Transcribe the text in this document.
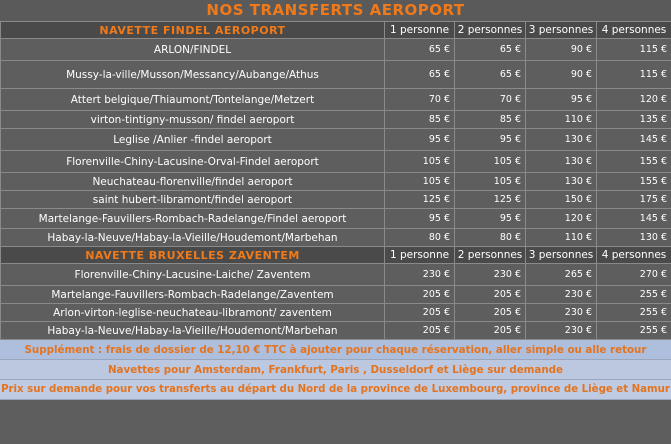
NOS TRANSFERTS AEROPORT
NAVETTE FINDEL AEROPORT	1 personne	2 personnes	3 personnes	4 personnes
ARLON/FINDEL	65 €	65 €	90 €	115 €
Mussy-la-ville/Musson/Messancy/Aubange/Athus	65 €	65 €	90 €	115 €
Attert belgique/Thiaumont/Tontelange/Metzert	70 €	70 €	95 €	120 €
virton-tintigny-musson/ findel aeroport	85 €	85 €	110 €	135 €
Leglise /Anlier -findel aeroport	95 €	95 €	130 €	145 €
Florenville-Chiny-Lacusine-Orval-Findel aeroport	105 €	105 €	130 €	155 €
Neuchateau-florenville/findel aeroport	105 €	105 €	130 €	155 €
saint hubert-libramont/findel aeroport	125 €	125 €	150 €	175 €
Martelange-Fauvillers-Rombach-Radelange/Findel aeroport	95 €	95 €	120 €	145 €
Habay-la-Neuve/Habay-la-Vieille/Houdemont/Marbehan	80 €	80 €	110 €	130 €
NAVETTE BRUXELLES ZAVENTEM	1 personne	2 personnes	3 personnes	4 personnes
Florenville-Chiny-Lacusine-Laiche/ Zaventem	230 €	230 €	265 €	270 €
Martelange-Fauvillers-Rombach-Radelange/Zaventem	205 €	205 €	230 €	255 €
Arlon-virton-leglise-neuchateau-libramont/ zaventem	205 €	205 €	230 €	255 €
Habay-la-Neuve/Habay-la-Vieille/Houdemont/Marbehan	205 €	205 €	230 €	255 €
Supplément : frais de dossier de 12,10 € TTC à ajouter pour chaque réservation, aller simple ou alle retour
Navettes pour Amsterdam, Frankfurt, Paris , Dusseldorf et Liège sur demande
Prix sur demande pour vos transferts au départ du Nord de la province de Luxembourg, province de Liège et Namur
